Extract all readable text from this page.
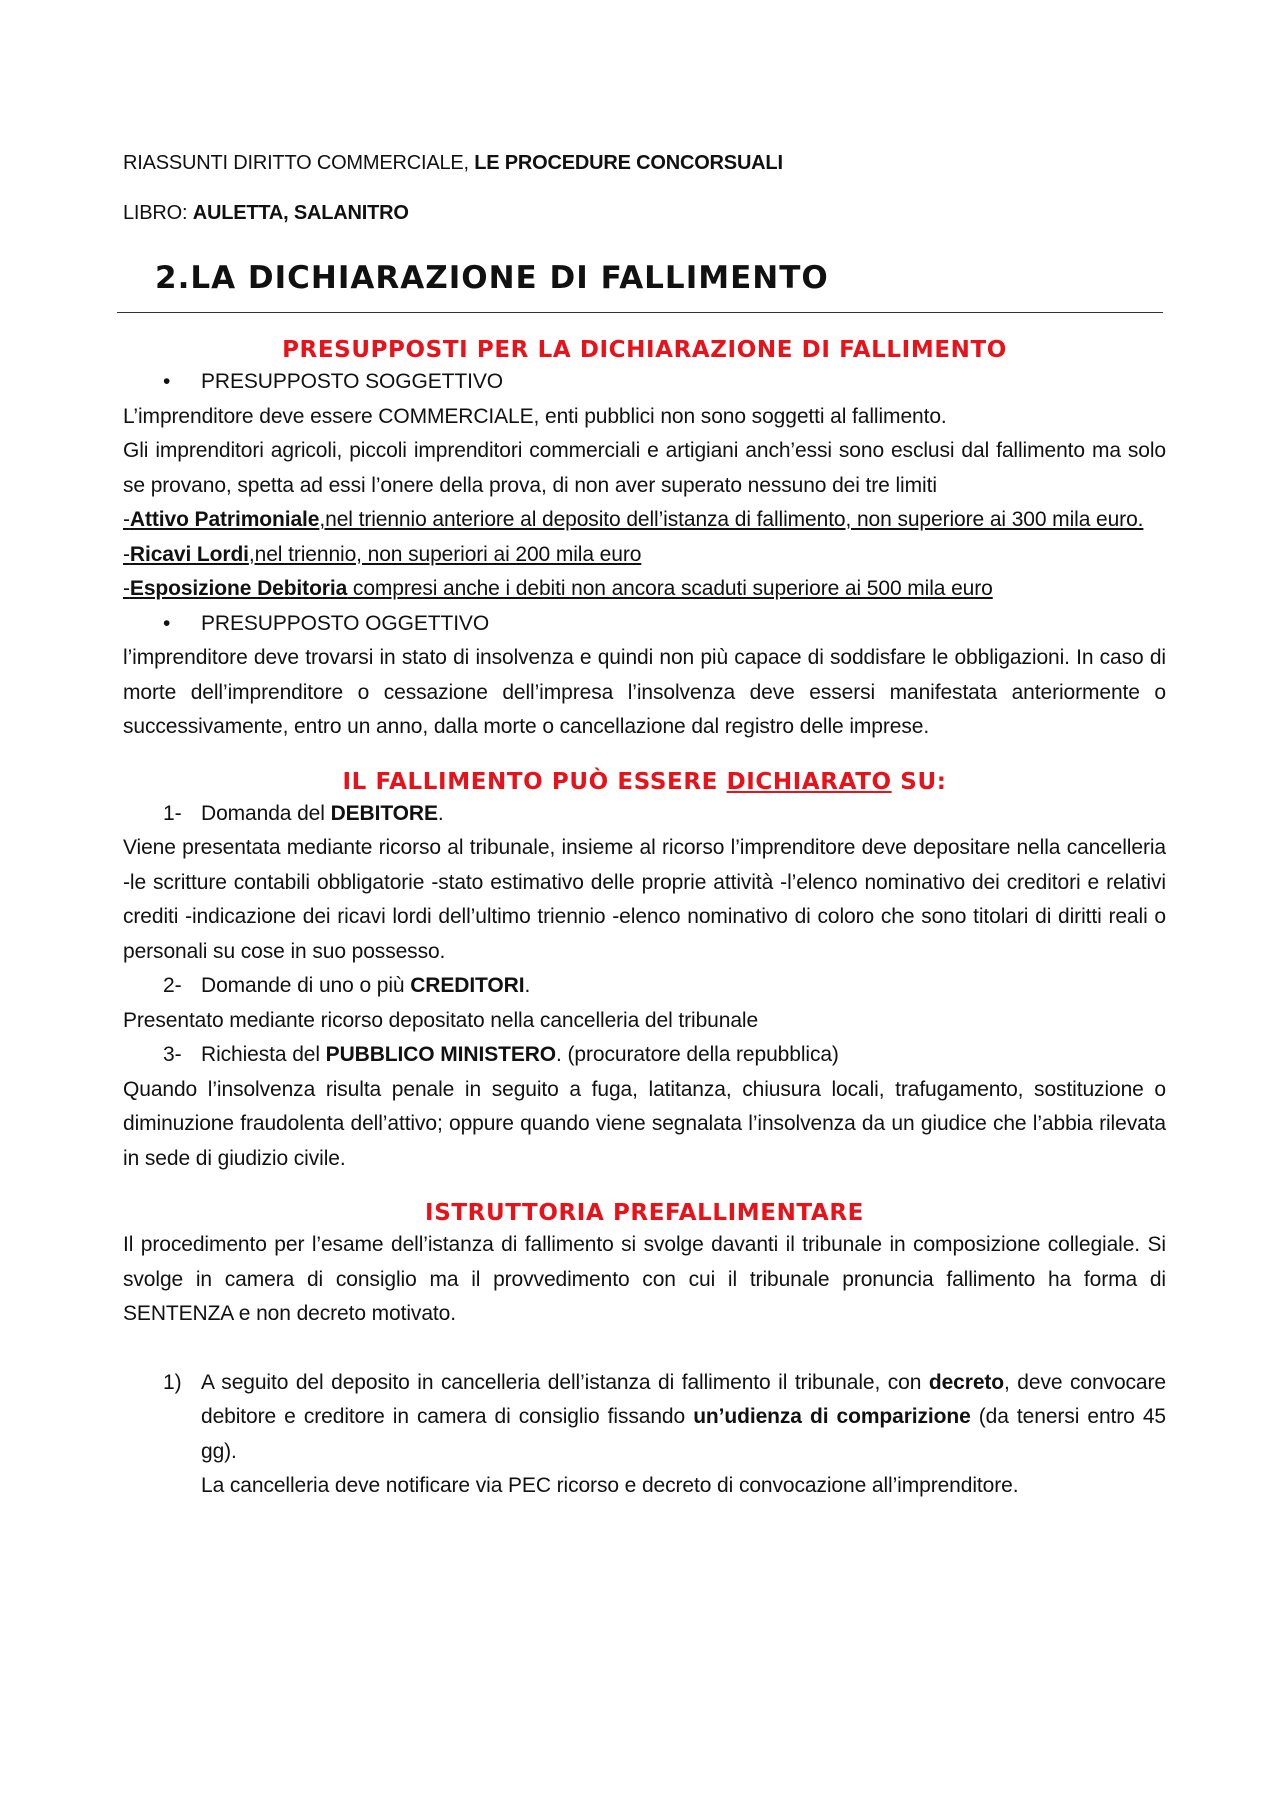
RIASSUNTI DIRITTO COMMERCIALE, LE PROCEDURE CONCORSUALI
LIBRO: AULETTA, SALANITRO
2.LA DICHIARAZIONE DI FALLIMENTO
PRESUPPOSTI PER LA DICHIARAZIONE DI FALLIMENTO
• PRESUPPOSTO SOGGETTIVO

L’imprenditore deve essere COMMERCIALE, enti pubblici non sono soggetti al fallimento.

Gli imprenditori agricoli, piccoli imprenditori commerciali e artigiani anch’essi sono esclusi dal fallimento ma solo se provano, spetta ad essi l’onere della prova, di non aver superato nessuno dei tre limiti

-Attivo Patrimoniale,nel triennio anteriore al deposito dell’istanza di fallimento, non superiore ai 300 mila euro.
-Ricavi Lordi,nel triennio, non superiori ai 200 mila euro
-Esposizione Debitoria compresi anche i debiti non ancora scaduti superiore ai 500 mila euro
• PRESUPPOSTO OGGETTIVO

l’imprenditore deve trovarsi in stato di insolvenza e quindi non più capace di soddisfare le obbligazioni. In caso di morte dell’imprenditore o cessazione dell’impresa l’insolvenza deve essersi manifestata anteriormente o successivamente, entro un anno, dalla morte o cancellazione dal registro delle imprese.

IL FALLIMENTO PUÒ ESSERE DICHIARATO SU:
1- Domanda del DEBITORE.

Viene presentata mediante ricorso al tribunale, insieme al ricorso l’imprenditore deve depositare nella cancelleria -le scritture contabili obbligatorie -stato estimativo delle proprie attività -l’elenco nominativo dei creditori e relativi crediti -indicazione dei ricavi lordi dell’ultimo triennio -elenco nominativo di coloro che sono titolari di diritti reali o personali su cose in suo possesso.

2- Domande di uno o più CREDITORI.

Presentato mediante ricorso depositato nella cancelleria del tribunale

3- Richiesta del PUBBLICO MINISTERO. (procuratore della repubblica)

Quando l’insolvenza risulta penale in seguito a fuga, latitanza, chiusura locali, trafugamento, sostituzione o diminuzione fraudolenta dell’attivo; oppure quando viene segnalata l’insolvenza da un giudice che l’abbia rilevata in sede di giudizio civile.

ISTRUTTORIA PREFALLIMENTARE

Il procedimento per l’esame dell’istanza di fallimento si svolge davanti il tribunale in composizione collegiale. Si svolge in camera di consiglio ma il provvedimento con cui il tribunale pronuncia fallimento ha forma di SENTENZA e non decreto motivato.

1) A seguito del deposito in cancelleria dell’istanza di fallimento il tribunale, con decreto, deve convocare debitore e creditore in camera di consiglio fissando un’udienza di comparizione (da tenersi entro 45 gg).
La cancelleria deve notificare via PEC ricorso e decreto di convocazione all’imprenditore.
